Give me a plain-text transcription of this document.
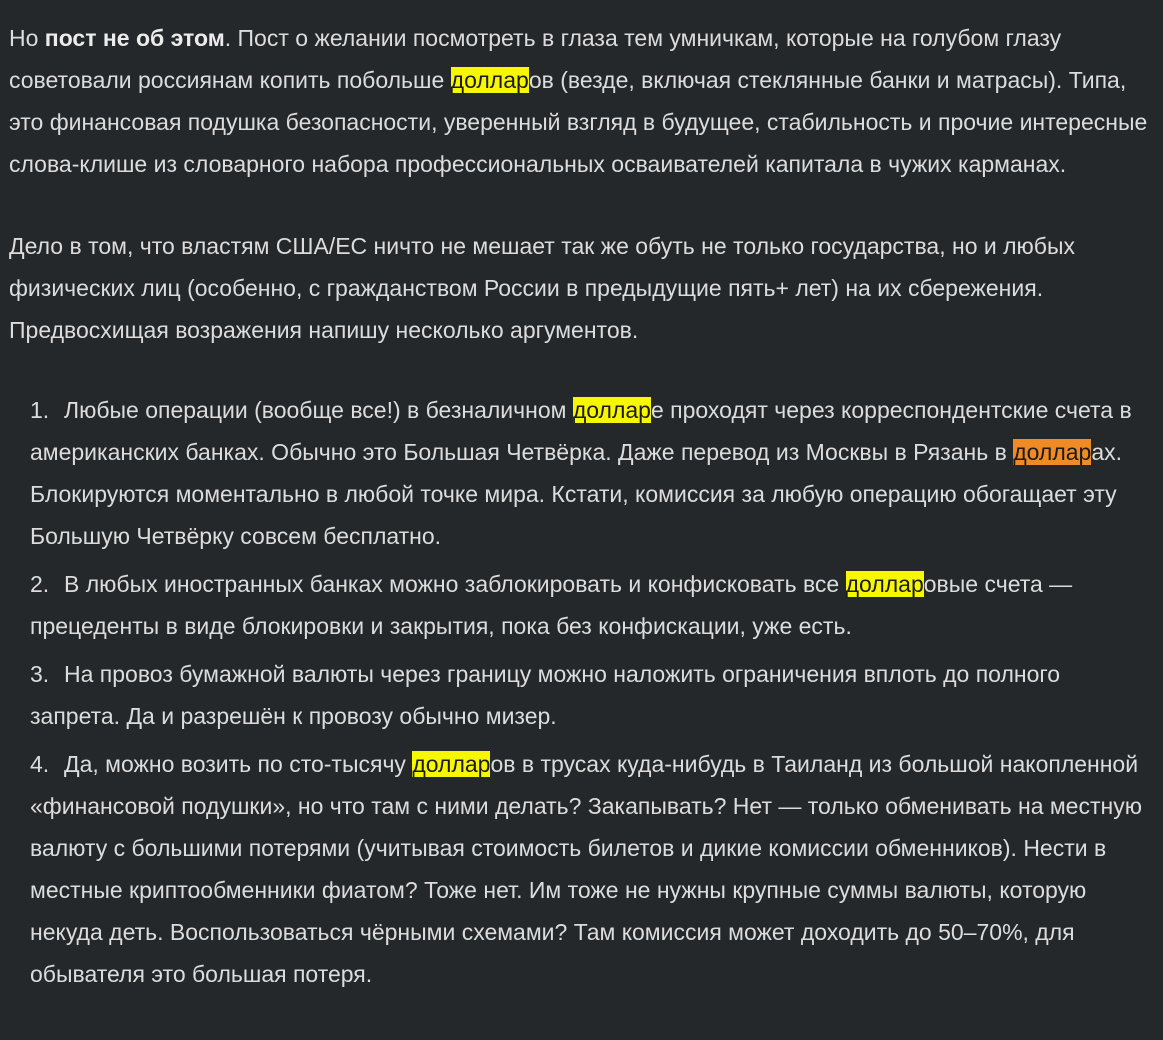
Но пост не об этом. Пост о желании посмотреть в глаза тем умничкам, которые на голубом глазу советовали россиянам копить побольше долларов (везде, включая стеклянные банки и матрасы). Типа, это финансовая подушка безопасности, уверенный взгляд в будущее, стабильность и прочие интересные слова-клише из словарного набора профессиональных осваивателей капитала в чужих карманах.

Дело в том, что властям США/ЕС ничто не мешает так же обуть не только государства, но и любых физических лиц (особенно, с гражданством России в предыдущие пять+ лет) на их сбережения. Предвосхищая возражения напишу несколько аргументов.

1. Любые операции (вообще все!) в безналичном долларе проходят через корреспондентские счета в американских банках. Обычно это Большая Четвёрка. Даже перевод из Москвы в Рязань в долларах. Блокируются моментально в любой точке мира. Кстати, комиссия за любую операцию обогащает эту Большую Четвёрку совсем бесплатно.
2. В любых иностранных банках можно заблокировать и конфисковать все долларовые счета — прецеденты в виде блокировки и закрытия, пока без конфискации, уже есть.
3. На провоз бумажной валюты через границу можно наложить ограничения вплоть до полного запрета. Да и разрешён к провозу обычно мизер.
4. Да, можно возить по сто-тысячу долларов в трусах куда-нибудь в Таиланд из большой накопленной «финансовой подушки», но что там с ними делать? Закапывать? Нет — только обменивать на местную валюту с большими потерями (учитывая стоимость билетов и дикие комиссии обменников). Нести в местные криптообменники фиатом? Тоже нет. Им тоже не нужны крупные суммы валюты, которую некуда деть. Воспользоваться чёрными схемами? Там комиссия может доходить до 50–70%, для обывателя это большая потеря.
